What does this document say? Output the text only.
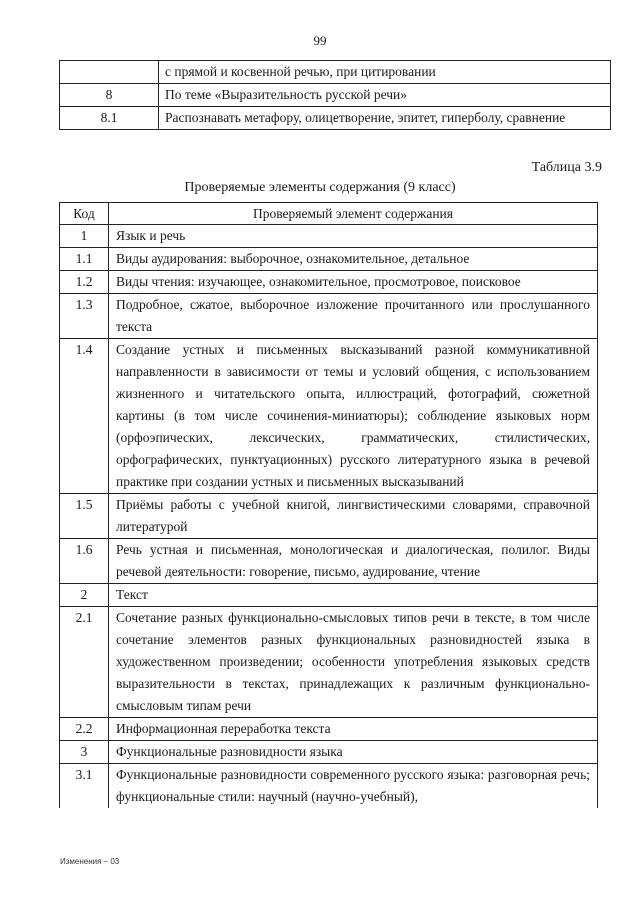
99
	с прямой и косвенной речью, при цитировании
8	По теме «Выразительность русской речи»
8.1	Распознавать метафору, олицетворение, эпитет, гиперболу, сравнение
Таблица 3.9
Проверяемые элементы содержания (9 класс)
Код	Проверяемый элемент содержания
1	Язык и речь
1.1	Виды аудирования: выборочное, ознакомительное, детальное
1.2	Виды чтения: изучающее, ознакомительное, просмотровое, поисковое
1.3	Подробное, сжатое, выборочное изложение прочитанного или прослушанного текста
1.4	Создание устных и письменных высказываний разной коммуникативной направленности в зависимости от темы и условий общения, с использованием жизненного и читательского опыта, иллюстраций, фотографий, сюжетной картины (в том числе сочинения-миниатюры); соблюдение языковых норм (орфоэпических, лексических, грамматических, стилистических, орфографических, пунктуационных) русского литературного языка в речевой практике при создании устных и письменных высказываний
1.5	Приёмы работы с учебной книгой, лингвистическими словарями, справочной литературой
1.6	Речь устная и письменная, монологическая и диалогическая, полилог. Виды речевой деятельности: говорение, письмо, аудирование, чтение
2	Текст
2.1	Сочетание разных функционально-смысловых типов речи в тексте, в том числе сочетание элементов разных функциональных разновидностей языка в художественном произведении; особенности употребления языковых средств выразительности в текстах, принадлежащих к различным функционально-смысловым типам речи
2.2	Информационная переработка текста
3	Функциональные разновидности языка
3.1	Функциональные разновидности современного русского языка: разговорная речь; функциональные стили: научный (научно-учебный),
Изменения – 03
